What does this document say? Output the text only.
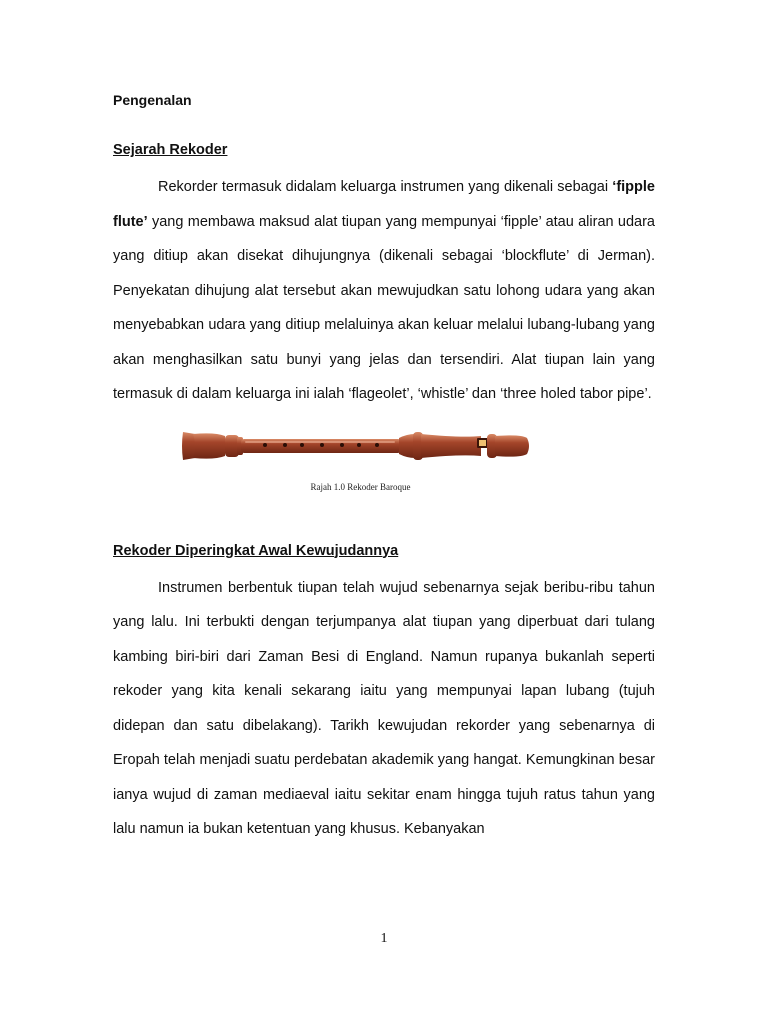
Pengenalan
Sejarah Rekoder

Rekorder termasuk didalam keluarga instrumen yang dikenali sebagai ‘fipple flute’ yang membawa maksud alat tiupan yang mempunyai ‘fipple’ atau aliran udara yang ditiup akan disekat dihujungnya (dikenali sebagai ‘blockflute’ di Jerman). Penyekatan dihujung alat tersebut akan mewujudkan satu lohong udara yang akan menyebabkan udara yang ditiup melaluinya akan keluar melalui lubang-lubang yang akan menghasilkan satu bunyi yang jelas dan tersendiri. Alat tiupan lain yang termasuk di dalam keluarga ini ialah ‘flageolet’, ‘whistle’ dan ‘three holed tabor pipe’.

Rajah 1.0 Rekoder Baroque
Rekoder Diperingkat Awal Kewujudannya

Instrumen berbentuk tiupan telah wujud sebenarnya sejak beribu-ribu tahun yang lalu. Ini terbukti dengan terjumpanya alat tiupan yang diperbuat dari tulang kambing biri-biri dari Zaman Besi di England. Namun rupanya bukanlah seperti rekoder yang kita kenali sekarang iaitu yang mempunyai lapan lubang (tujuh didepan dan satu dibelakang). Tarikh kewujudan rekorder yang sebenarnya di Eropah telah menjadi suatu perdebatan akademik yang hangat. Kemungkinan besar ianya wujud di zaman mediaeval iaitu sekitar enam hingga tujuh ratus tahun yang lalu namun ia bukan ketentuan yang khusus. Kebanyakan

1
